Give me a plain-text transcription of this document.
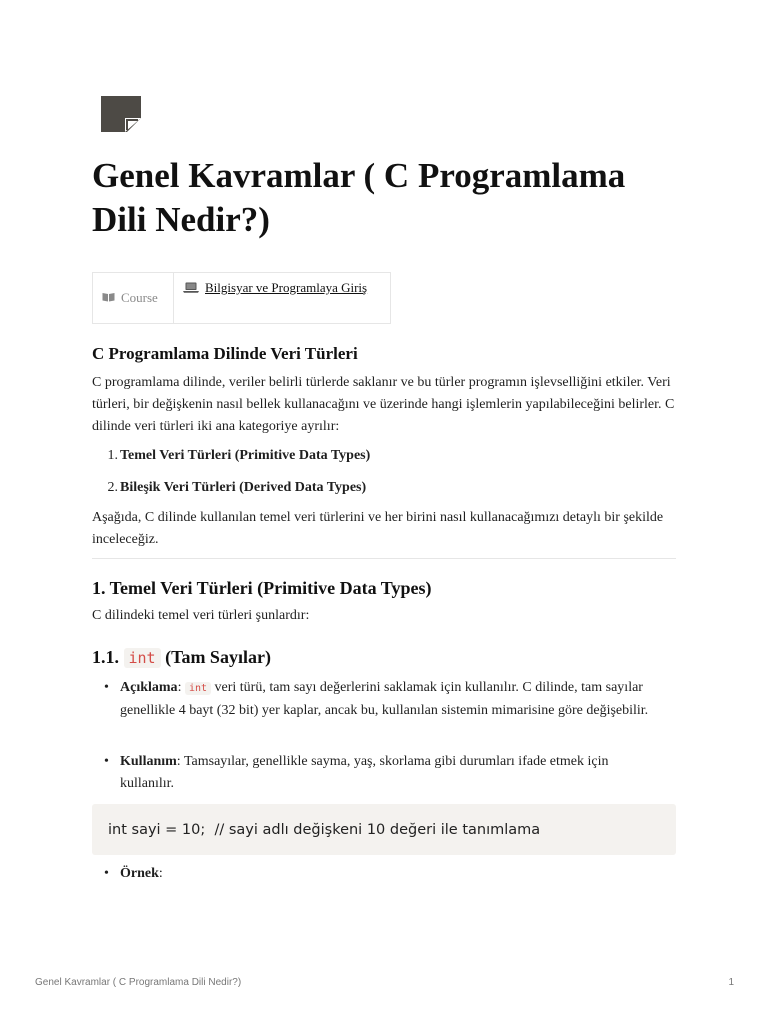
Genel Kavramlar ( C Programlama Dili Nedir?)
Course
Bilgisyar ve Programlaya Giriş
C Programlama Dilinde Veri Türleri

C programlama dilinde, veriler belirli türlerde saklanır ve bu türler programın işlevselliğini etkiler. Veri türleri, bir değişkenin nasıl bellek kullanacağını ve üzerinde hangi işlemlerin yapılabileceğini belirler. C dilinde veri türleri iki ana kategoriye ayrılır:

1. Temel Veri Türleri (Primitive Data Types)

2. Bileşik Veri Türleri (Derived Data Types)

Aşağıda, C dilinde kullanılan temel veri türlerini ve her birini nasıl kullanacağımızı detaylı bir şekilde inceleceğiz.

1. Temel Veri Türleri (Primitive Data Types)

C dilindeki temel veri türleri şunlardır:

1.1. int (Tam Sayılar)

• Açıklama: int veri türü, tam sayı değerlerini saklamak için kullanılır. C dilinde, tam sayılar genellikle 4 bayt (32 bit) yer kaplar, ancak bu, kullanılan sistemin mimarisine göre değişebilir.

• Kullanım: Tamsayılar, genellikle sayma, yaş, skorlama gibi durumları ifade etmek için kullanılır.

int sayi = 10;  // sayi adlı değişkeni 10 değeri ile tanımlama

• Örnek:

Genel Kavramlar ( C Programlama Dili Nedir?)	1
